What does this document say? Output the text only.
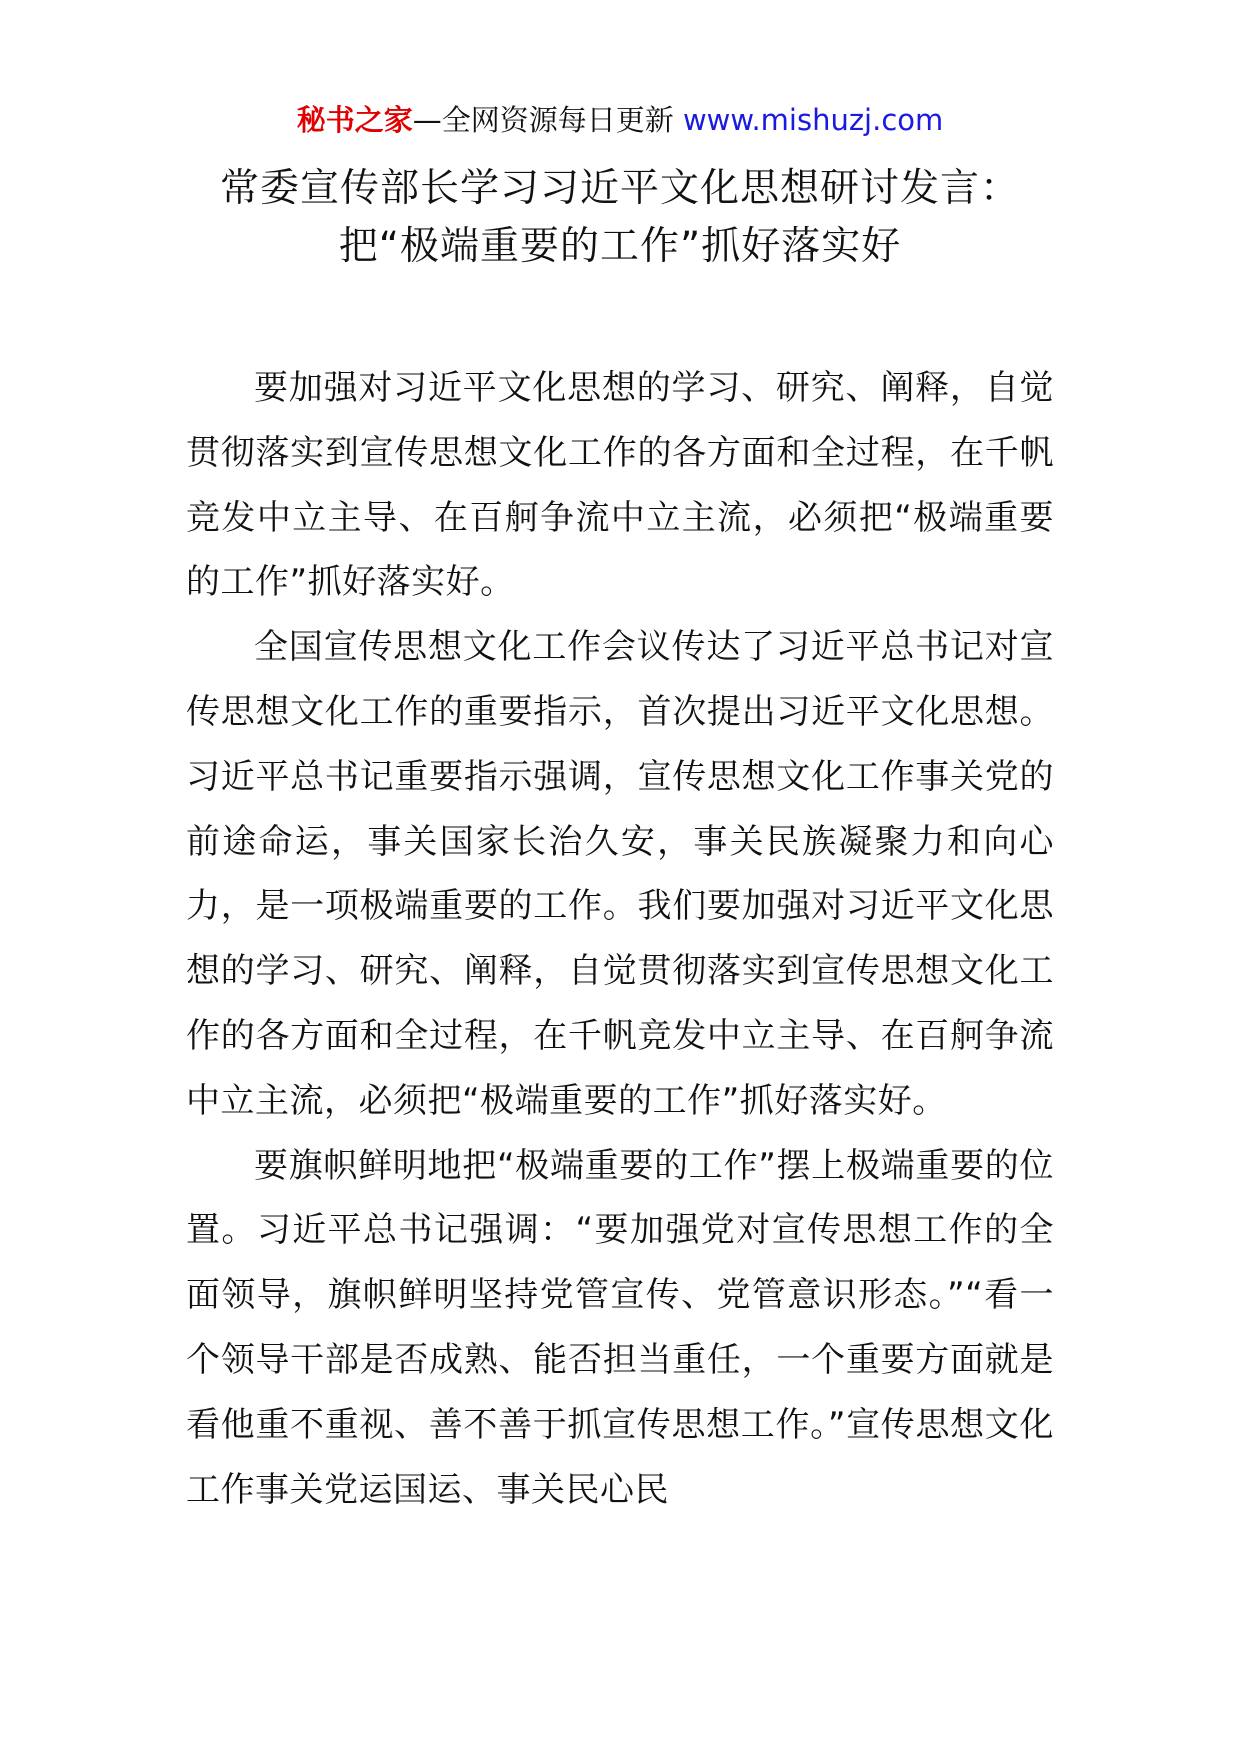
秘书之家—全网资源每日更新 www.mishuzj.com
常委宣传部长学习习近平文化思想研讨发言：
把“极端重要的工作”抓好落实好

要加强对习近平文化思想的学习、研究、阐释，自觉贯彻落实到宣传思想文化工作的各方面和全过程，在千帆竞发中立主导、在百舸争流中立主流，必须把“极端重要的工作”抓好落实好。

全国宣传思想文化工作会议传达了习近平总书记对宣传思想文化工作的重要指示，首次提出习近平文化思想。习近平总书记重要指示强调，宣传思想文化工作事关党的前途命运，事关国家长治久安，事关民族凝聚力和向心力，是一项极端重要的工作。我们要加强对习近平文化思想的学习、研究、阐释，自觉贯彻落实到宣传思想文化工作的各方面和全过程，在千帆竞发中立主导、在百舸争流中立主流，必须把“极端重要的工作”抓好落实好。

要旗帜鲜明地把“极端重要的工作”摆上极端重要的位置。习近平总书记强调：“要加强党对宣传思想工作的全面领导，旗帜鲜明坚持党管宣传、党管意识形态。”“看一个领导干部是否成熟、能否担当重任，一个重要方面就是看他重不重视、善不善于抓宣传思想工作。”宣传思想文化工作事关党运国运、事关民心民
